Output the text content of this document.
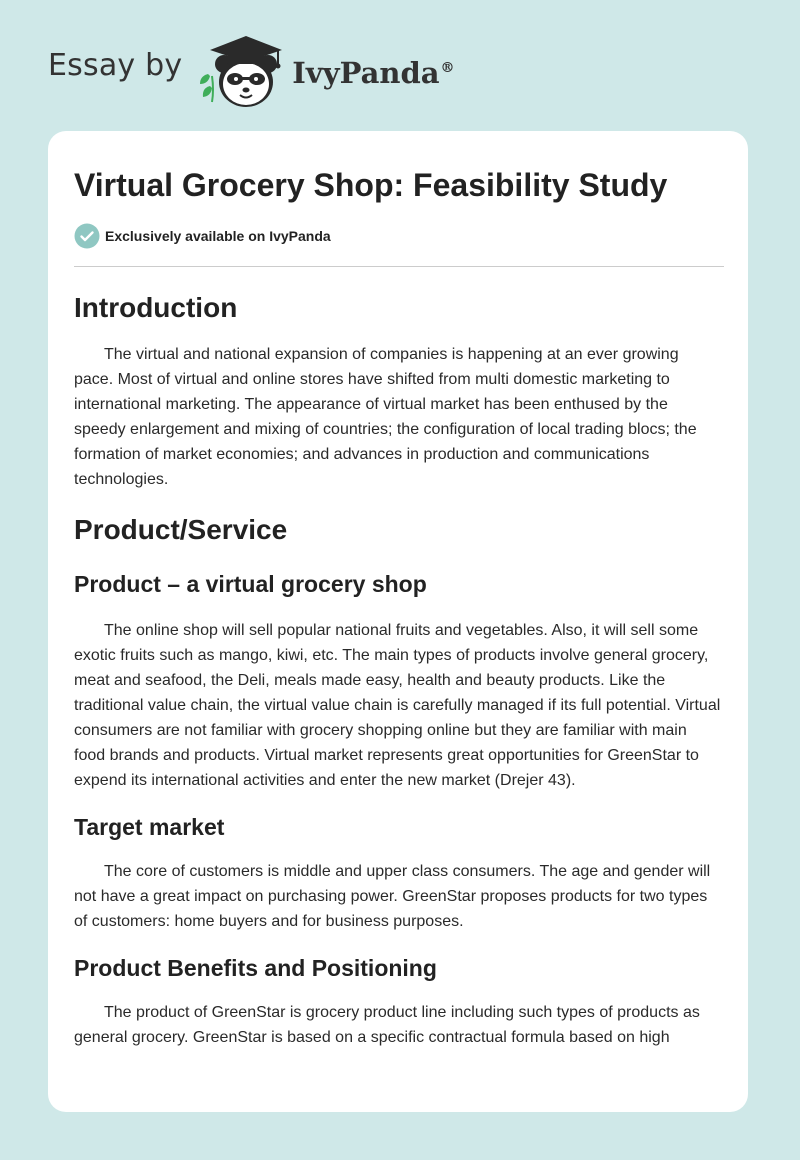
Essay by	IvyPanda®
Virtual Grocery Shop: Feasibility Study
Exclusively available on IvyPanda
Introduction

The virtual and national expansion of companies is happening at an ever growing pace. Most of virtual and online stores have shifted from multi domestic marketing to international marketing. The appearance of virtual market has been enthused by the speedy enlargement and mixing of countries; the configuration of local trading blocs; the formation of market economies; and advances in production and communications technologies.

Product/Service
Product – a virtual grocery shop

The online shop will sell popular national fruits and vegetables. Also, it will sell some exotic fruits such as mango, kiwi, etc. The main types of products involve general grocery, meat and seafood, the Deli, meals made easy, health and beauty products. Like the traditional value chain, the virtual value chain is carefully managed if its full potential. Virtual consumers are not familiar with grocery shopping online but they are familiar with main food brands and products. Virtual market represents great opportunities for GreenStar to expend its international activities and enter the new market (Drejer 43).

Target market

The core of customers is middle and upper class consumers. The age and gender will not have a great impact on purchasing power. GreenStar proposes products for two types of customers: home buyers and for business purposes.

Product Benefits and Positioning

The product of GreenStar is grocery product line including such types of products as general grocery. GreenStar is based on a specific contractual formula based on high
